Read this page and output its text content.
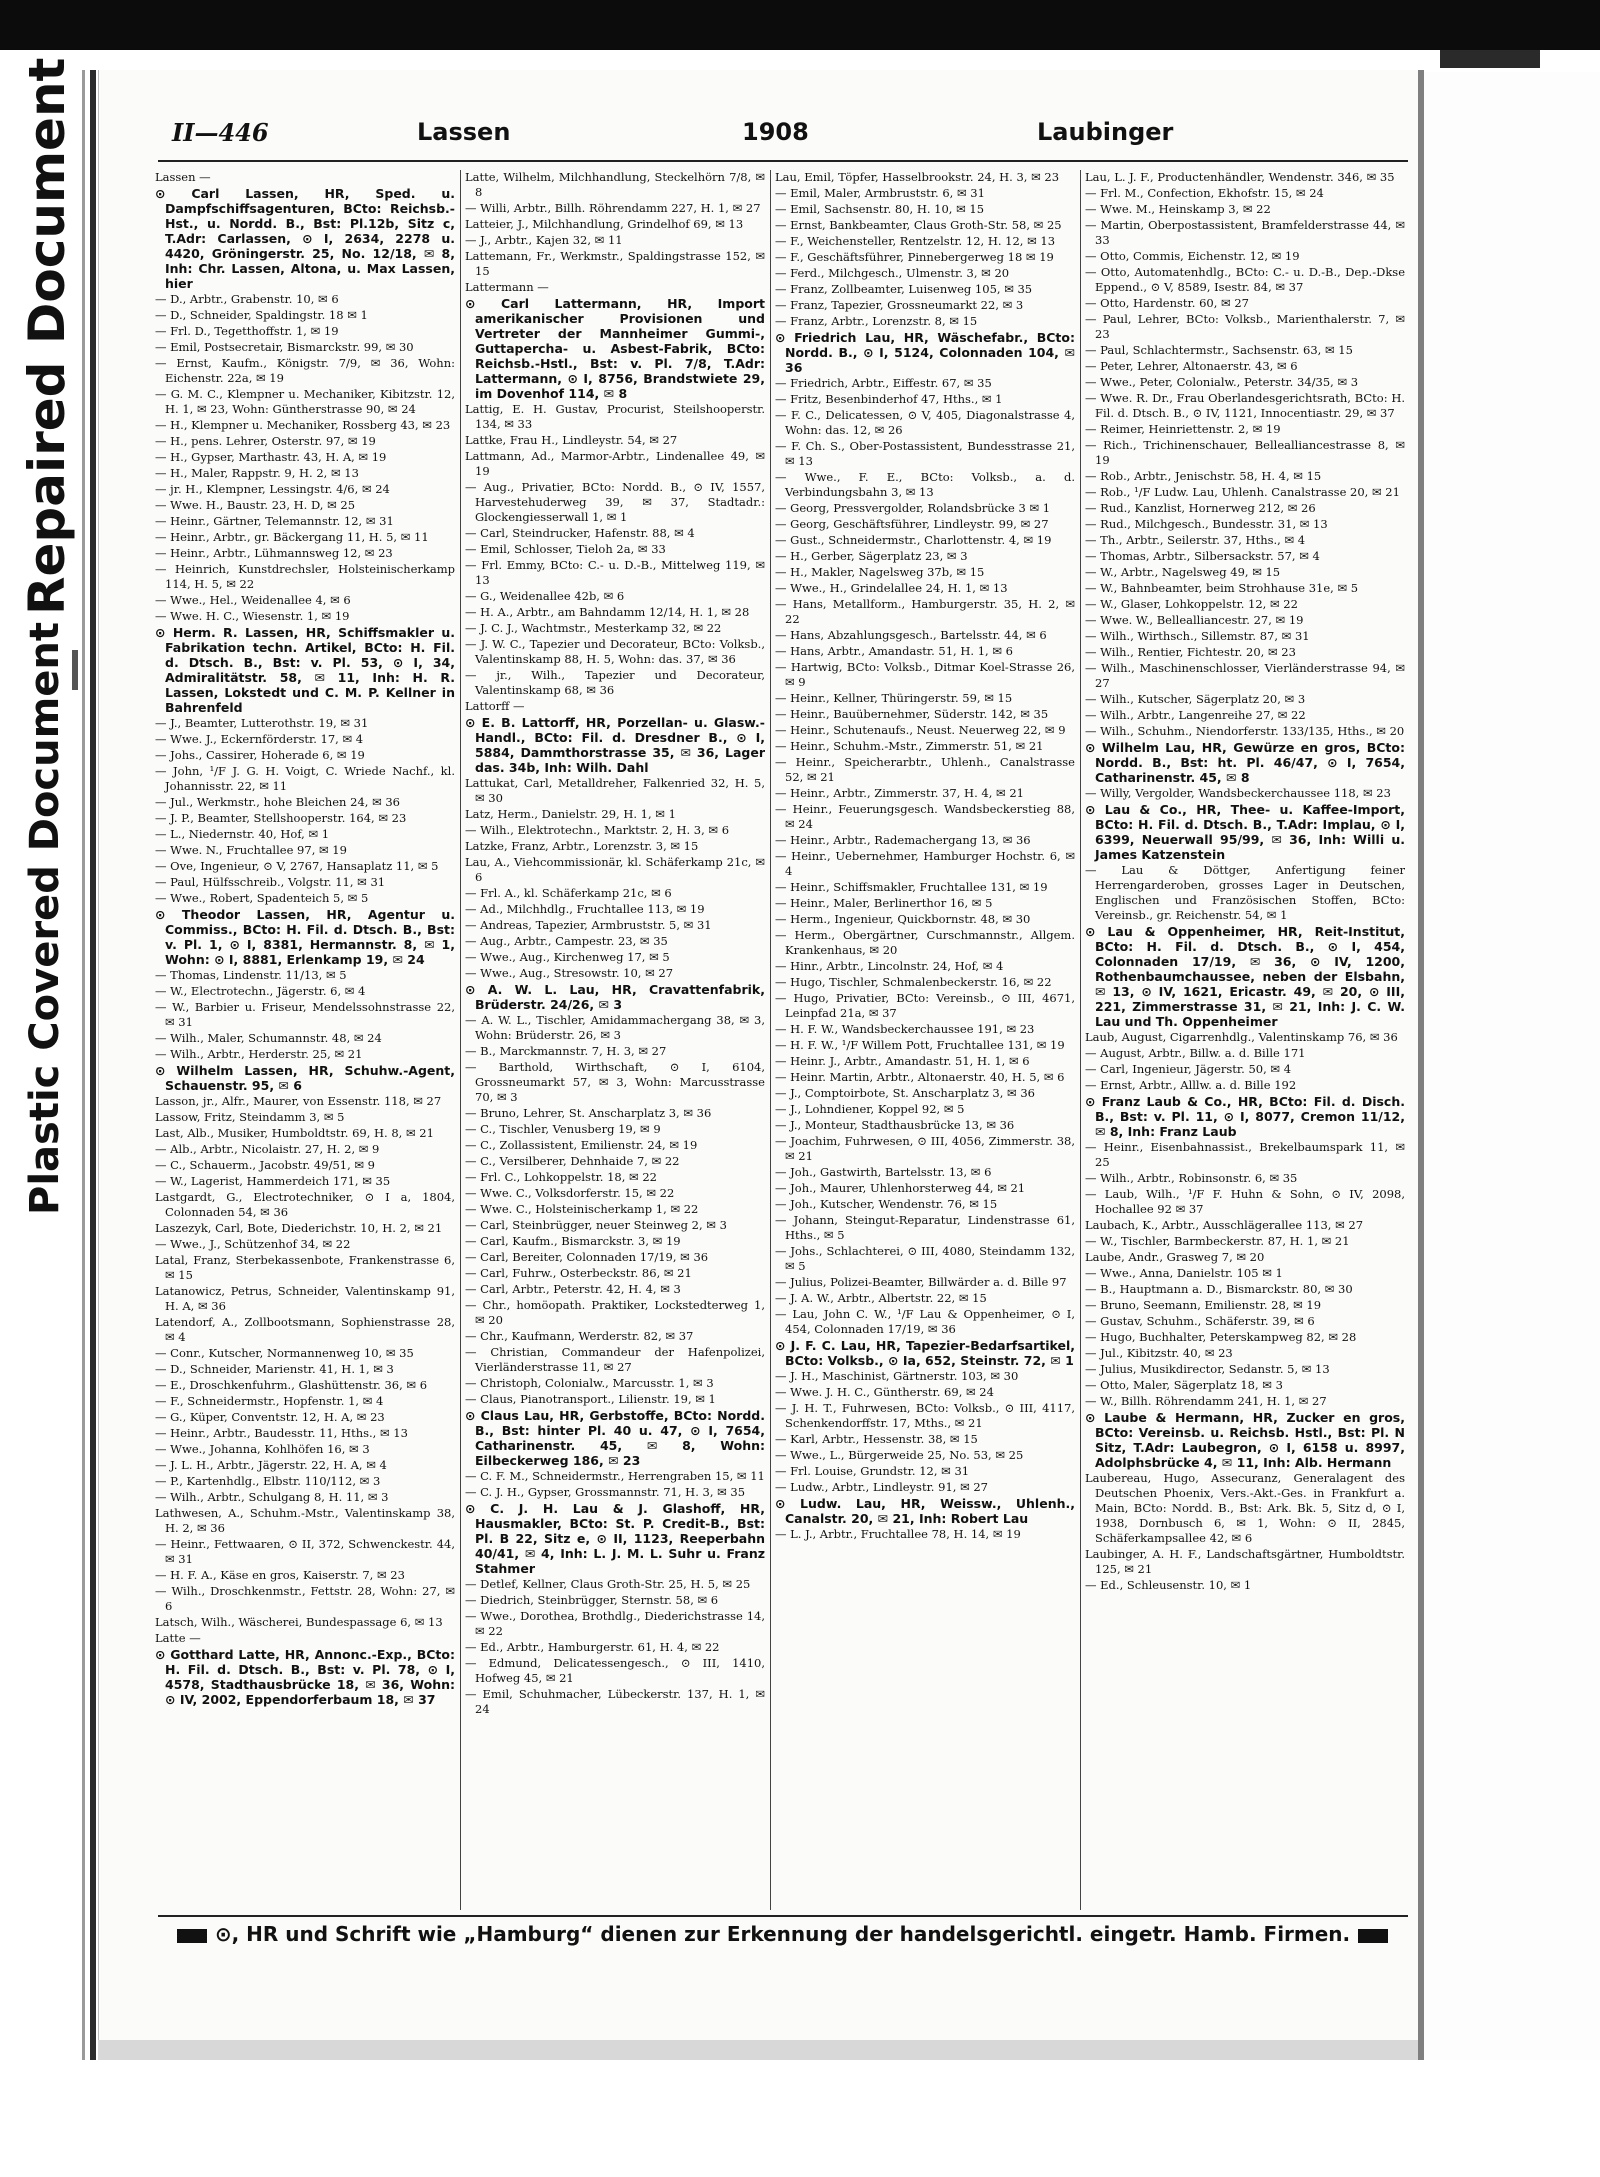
Repaired Document
Plastic Covered Document
II—446	Lassen	1908	Laubinger
Lassen —
⊙ Carl Lassen, HR, Sped. u. Dampfschiffsagenturen, BCto: Reichsb.-Hst., u. Nordd. B., Bst: Pl.12b, Sitz c, T.Adr: Carlassen, ⊙ I, 2634, 2278 u. 4420, Gröningerstr. 25, No. 12/18, ✉ 8, Inh: Chr. Lassen, Altona, u. Max Lassen, hier
— D., Arbtr., Grabenstr. 10, ✉ 6
— D., Schneider, Spaldingstr. 18 ✉ 1
— Frl. D., Tegetthoffstr. 1, ✉ 19
— Emil, Postsecretair, Bismarckstr. 99, ✉ 30
— Ernst, Kaufm., Königstr. 7/9, ✉ 36, Wohn: Eichenstr. 22a, ✉ 19
— G. M. C., Klempner u. Mechaniker, Kibitzstr. 12, H. 1, ✉ 23, Wohn: Güntherstrasse 90, ✉ 24
— H., Klempner u. Mechaniker, Rossberg 43, ✉ 23
— H., pens. Lehrer, Osterstr. 97, ✉ 19
— H., Gypser, Marthastr. 43, H. A, ✉ 19
— H., Maler, Rappstr. 9, H. 2, ✉ 13
— jr. H., Klempner, Lessingstr. 4/6, ✉ 24
— Wwe. H., Baustr. 23, H. D, ✉ 25
— Heinr., Gärtner, Telemannstr. 12, ✉ 31
— Heinr., Arbtr., gr. Bäckergang 11, H. 5, ✉ 11
— Heinr., Arbtr., Lühmannsweg 12, ✉ 23
— Heinrich, Kunstdrechsler, Holsteinischerkamp 114, H. 5, ✉ 22
— Wwe., Hel., Weidenallee 4, ✉ 6
— Wwe. H. C., Wiesenstr. 1, ✉ 19
⊙ Herm. R. Lassen, HR, Schiffsmakler u. Fabrikation techn. Artikel, BCto: H. Fil. d. Dtsch. B., Bst: v. Pl. 53, ⊙ I, 34, Admiralitätstr. 58, ✉ 11, Inh: H. R. Lassen, Lokstedt und C. M. P. Kellner in Bahrenfeld
— J., Beamter, Lutterothstr. 19, ✉ 31
— Wwe. J., Eckernförderstr. 17, ✉ 4
— Johs., Cassirer, Hoherade 6, ✉ 19
— John, ¹/F J. G. H. Voigt, C. Wriede Nachf., kl. Johannisstr. 22, ✉ 11
— Jul., Werkmstr., hohe Bleichen 24, ✉ 36
— J. P., Beamter, Stellshooperstr. 164, ✉ 23
— L., Niedernstr. 40, Hof, ✉ 1
— Wwe. N., Fruchtallee 97, ✉ 19
— Ove, Ingenieur, ⊙ V, 2767, Hansaplatz 11, ✉ 5
— Paul, Hülfsschreib., Volgstr. 11, ✉ 31
— Wwe., Robert, Spadenteich 5, ✉ 5
⊙ Theodor Lassen, HR, Agentur u. Commiss., BCto: H. Fil. d. Dtsch. B., Bst: v. Pl. 1, ⊙ I, 8381, Hermannstr. 8, ✉ 1, Wohn: ⊙ I, 8881, Erlenkamp 19, ✉ 24
— Thomas, Lindenstr. 11/13, ✉ 5
— W., Electrotechn., Jägerstr. 6, ✉ 4
— W., Barbier u. Friseur, Mendelssohnstrasse 22, ✉ 31
— Wilh., Maler, Schumannstr. 48, ✉ 24
— Wilh., Arbtr., Herderstr. 25, ✉ 21
⊙ Wilhelm Lassen, HR, Schuhw.-Agent, Schauenstr. 95, ✉ 6
Lasson, jr., Alfr., Maurer, von Essenstr. 118, ✉ 27
Lassow, Fritz, Steindamm 3, ✉ 5
Last, Alb., Musiker, Humboldtstr. 69, H. 8, ✉ 21
— Alb., Arbtr., Nicolaistr. 27, H. 2, ✉ 9
— C., Schauerm., Jacobstr. 49/51, ✉ 9
— W., Lagerist, Hammerdeich 171, ✉ 35
Lastgardt, G., Electrotechniker, ⊙ I a, 1804, Colonnaden 54, ✉ 36
Laszezyk, Carl, Bote, Diederichstr. 10, H. 2, ✉ 21
— Wwe., J., Schützenhof 34, ✉ 22
Latal, Franz, Sterbekassenbote, Frankenstrasse 6, ✉ 15
Latanowicz, Petrus, Schneider, Valentinskamp 91, H. A, ✉ 36
Latendorf, A., Zollbootsmann, Sophienstrasse 28, ✉ 4
— Conr., Kutscher, Normannenweg 10, ✉ 35
— D., Schneider, Marienstr. 41, H. 1, ✉ 3
— E., Droschkenfuhrm., Glashüttenstr. 36, ✉ 6
— F., Schneidermstr., Hopfenstr. 1, ✉ 4
— G., Küper, Conventstr. 12, H. A, ✉ 23
— Heinr., Arbtr., Baudesstr. 11, Hths., ✉ 13
— Wwe., Johanna, Kohlhöfen 16, ✉ 3
— J. L. H., Arbtr., Jägerstr. 22, H. A, ✉ 4
— P., Kartenhdlg., Elbstr. 110/112, ✉ 3
— Wilh., Arbtr., Schulgang 8, H. 11, ✉ 3
Lathwesen, A., Schuhm.-Mstr., Valentinskamp 38, H. 2, ✉ 36
— Heinr., Fettwaaren, ⊙ II, 372, Schwenckestr. 44, ✉ 31
— H. F. A., Käse en gros, Kaiserstr. 7, ✉ 23
— Wilh., Droschkenmstr., Fettstr. 28, Wohn: 27, ✉ 6
Latsch, Wilh., Wäscherei, Bundespassage 6, ✉ 13
Latte —
⊙ Gotthard Latte, HR, Annonc.-Exp., BCto: H. Fil. d. Dtsch. B., Bst: v. Pl. 78, ⊙ I, 4578, Stadthausbrücke 18, ✉ 36, Wohn: ⊙ IV, 2002, Eppendorferbaum 18, ✉ 37
Latte, Wilhelm, Milchhandlung, Steckelhörn 7/8, ✉ 8
— Willi, Arbtr., Billh. Röhrendamm 227, H. 1, ✉ 27
Latteier, J., Milchhandlung, Grindelhof 69, ✉ 13
— J., Arbtr., Kajen 32, ✉ 11
Lattemann, Fr., Werkmstr., Spaldingstrasse 152, ✉ 15
Lattermann —
⊙ Carl Lattermann, HR, Import amerikanischer Provisionen und Vertreter der Mannheimer Gummi-, Guttapercha- u. Asbest-Fabrik, BCto: Reichsb.-Hstl., Bst: v. Pl. 7/8, T.Adr: Lattermann, ⊙ I, 8756, Brandstwiete 29, im Dovenhof 114, ✉ 8
Lattig, E. H. Gustav, Procurist, Steilshooperstr. 134, ✉ 33
Lattke, Frau H., Lindleystr. 54, ✉ 27
Lattmann, Ad., Marmor-Arbtr., Lindenallee 49, ✉ 19
— Aug., Privatier, BCto: Nordd. B., ⊙ IV, 1557, Harvestehuderweg 39, ✉ 37, Stadtadr.: Glockengiesserwall 1, ✉ 1
— Carl, Steindrucker, Hafenstr. 88, ✉ 4
— Emil, Schlosser, Tieloh 2a, ✉ 33
— Frl. Emmy, BCto: C.- u. D.-B., Mittelweg 119, ✉ 13
— G., Weidenallee 42b, ✉ 6
— H. A., Arbtr., am Bahndamm 12/14, H. 1, ✉ 28
— J. C. J., Wachtmstr., Mesterkamp 32, ✉ 22
— J. W. C., Tapezier und Decorateur, BCto: Volksb., Valentinskamp 88, H. 5, Wohn: das. 37, ✉ 36
— jr., Wilh., Tapezier und Decorateur, Valentinskamp 68, ✉ 36
Lattorff —
⊙ E. B. Lattorff, HR, Porzellan- u. Glasw.-Handl., BCto: Fil. d. Dresdner B., ⊙ I, 5884, Dammthorstrasse 35, ✉ 36, Lager das. 34b, Inh: Wilh. Dahl
Lattukat, Carl, Metalldreher, Falkenried 32, H. 5, ✉ 30
Latz, Herm., Danielstr. 29, H. 1, ✉ 1
— Wilh., Elektrotechn., Marktstr. 2, H. 3, ✉ 6
Latzke, Franz, Arbtr., Lorenzstr. 3, ✉ 15
Lau, A., Viehcommissionär, kl. Schäferkamp 21c, ✉ 6
— Frl. A., kl. Schäferkamp 21c, ✉ 6
— Ad., Milchhdlg., Fruchtallee 113, ✉ 19
— Andreas, Tapezier, Armbruststr. 5, ✉ 31
— Aug., Arbtr., Campestr. 23, ✉ 35
— Wwe., Aug., Kirchenweg 17, ✉ 5
— Wwe., Aug., Stresowstr. 10, ✉ 27
⊙ A. W. L. Lau, HR, Cravattenfabrik, Brüderstr. 24/26, ✉ 3
— A. W. L., Tischler, Amidammachergang 38, ✉ 3, Wohn: Brüderstr. 26, ✉ 3
— B., Marckmannstr. 7, H. 3, ✉ 27
— Barthold, Wirthschaft, ⊙ I, 6104, Grossneumarkt 57, ✉ 3, Wohn: Marcusstrasse 70, ✉ 3
— Bruno, Lehrer, St. Anscharplatz 3, ✉ 36
— C., Tischler, Venusberg 19, ✉ 9
— C., Zollassistent, Emilienstr. 24, ✉ 19
— C., Versilberer, Dehnhaide 7, ✉ 22
— Frl. C., Lohkoppelstr. 18, ✉ 22
— Wwe. C., Volksdorferstr. 15, ✉ 22
— Wwe. C., Holsteinischerkamp 1, ✉ 22
— Carl, Steinbrügger, neuer Steinweg 2, ✉ 3
— Carl, Kaufm., Bismarckstr. 3, ✉ 19
— Carl, Bereiter, Colonnaden 17/19, ✉ 36
— Carl, Fuhrw., Osterbeckstr. 86, ✉ 21
— Carl, Arbtr., Peterstr. 42, H. 4, ✉ 3
— Chr., homöopath. Praktiker, Lockstedterweg 1, ✉ 20
— Chr., Kaufmann, Werderstr. 82, ✉ 37
— Christian, Commandeur der Hafenpolizei, Vierländerstrasse 11, ✉ 27
— Christoph, Colonialw., Marcusstr. 1, ✉ 3
— Claus, Pianotransport., Lilienstr. 19, ✉ 1
⊙ Claus Lau, HR, Gerbstoffe, BCto: Nordd. B., Bst: hinter Pl. 40 u. 47, ⊙ I, 7654, Catharinenstr. 45, ✉ 8, Wohn: Eilbeckerweg 186, ✉ 23
— C. F. M., Schneidermstr., Herrengraben 15, ✉ 11
— C. J. H., Gypser, Grossmannstr. 71, H. 3, ✉ 35
⊙ C. J. H. Lau & J. Glashoff, HR, Hausmakler, BCto: St. P. Credit-B., Bst: Pl. B 22, Sitz e, ⊙ II, 1123, Reeperbahn 40/41, ✉ 4, Inh: L. J. M. L. Suhr u. Franz Stahmer
— Detlef, Kellner, Claus Groth-Str. 25, H. 5, ✉ 25
— Diedrich, Steinbrügger, Sternstr. 58, ✉ 6
— Wwe., Dorothea, Brothdlg., Diederichstrasse 14, ✉ 22
— Ed., Arbtr., Hamburgerstr. 61, H. 4, ✉ 22
— Edmund, Delicatessengesch., ⊙ III, 1410, Hofweg 45, ✉ 21
— Emil, Schuhmacher, Lübeckerstr. 137, H. 1, ✉ 24
Lau, Emil, Töpfer, Hasselbrookstr. 24, H. 3, ✉ 23
— Emil, Maler, Armbruststr. 6, ✉ 31
— Emil, Sachsenstr. 80, H. 10, ✉ 15
— Ernst, Bankbeamter, Claus Groth-Str. 58, ✉ 25
— F., Weichensteller, Rentzelstr. 12, H. 12, ✉ 13
— F., Geschäftsführer, Pinnebergerweg 18 ✉ 19
— Ferd., Milchgesch., Ulmenstr. 3, ✉ 20
— Franz, Zollbeamter, Luisenweg 105, ✉ 35
— Franz, Tapezier, Grossneumarkt 22, ✉ 3
— Franz, Arbtr., Lorenzstr. 8, ✉ 15
⊙ Friedrich Lau, HR, Wäschefabr., BCto: Nordd. B., ⊙ I, 5124, Colonnaden 104, ✉ 36
— Friedrich, Arbtr., Eiffestr. 67, ✉ 35
— Fritz, Besenbinderhof 47, Hths., ✉ 1
— F. C., Delicatessen, ⊙ V, 405, Diagonalstrasse 4, Wohn: das. 12, ✉ 26
— F. Ch. S., Ober-Postassistent, Bundesstrasse 21, ✉ 13
— Wwe., F. E., BCto: Volksb., a. d. Verbindungsbahn 3, ✉ 13
— Georg, Pressvergolder, Rolandsbrücke 3 ✉ 1
— Georg, Geschäftsführer, Lindleystr. 99, ✉ 27
— Gust., Schneidermstr., Charlottenstr. 4, ✉ 19
— H., Gerber, Sägerplatz 23, ✉ 3
— H., Makler, Nagelsweg 37b, ✉ 15
— Wwe., H., Grindelallee 24, H. 1, ✉ 13
— Hans, Metallform., Hamburgerstr. 35, H. 2, ✉ 22
— Hans, Abzahlungsgesch., Bartelsstr. 44, ✉ 6
— Hans, Arbtr., Amandastr. 51, H. 1, ✉ 6
— Hartwig, BCto: Volksb., Ditmar Koel-Strasse 26, ✉ 9
— Heinr., Kellner, Thüringerstr. 59, ✉ 15
— Heinr., Bauübernehmer, Süderstr. 142, ✉ 35
— Heinr., Schutenaufs., Neust. Neuerweg 22, ✉ 9
— Heinr., Schuhm.-Mstr., Zimmerstr. 51, ✉ 21
— Heinr., Speicherarbtr., Uhlenh., Canalstrasse 52, ✉ 21
— Heinr., Arbtr., Zimmerstr. 37, H. 4, ✉ 21
— Heinr., Feuerungsgesch. Wandsbeckerstieg 88, ✉ 24
— Heinr., Arbtr., Rademachergang 13, ✉ 36
— Heinr., Uebernehmer, Hamburger Hochstr. 6, ✉ 4
— Heinr., Schiffsmakler, Fruchtallee 131, ✉ 19
— Heinr., Maler, Berlinerthor 16, ✉ 5
— Herm., Ingenieur, Quickbornstr. 48, ✉ 30
— Herm., Obergärtner, Curschmannstr., Allgem. Krankenhaus, ✉ 20
— Hinr., Arbtr., Lincolnstr. 24, Hof, ✉ 4
— Hugo, Tischler, Schmalenbeckerstr. 16, ✉ 22
— Hugo, Privatier, BCto: Vereinsb., ⊙ III, 4671, Leinpfad 21a, ✉ 37
— H. F. W., Wandsbeckerchaussee 191, ✉ 23
— H. F. W., ¹/F Willem Pott, Fruchtallee 131, ✉ 19
— Heinr. J., Arbtr., Amandastr. 51, H. 1, ✉ 6
— Heinr. Martin, Arbtr., Altonaerstr. 40, H. 5, ✉ 6
— J., Comptoirbote, St. Anscharplatz 3, ✉ 36
— J., Lohndiener, Koppel 92, ✉ 5
— J., Monteur, Stadthausbrücke 13, ✉ 36
— Joachim, Fuhrwesen, ⊙ III, 4056, Zimmerstr. 38, ✉ 21
— Joh., Gastwirth, Bartelsstr. 13, ✉ 6
— Joh., Maurer, Uhlenhorsterweg 44, ✉ 21
— Joh., Kutscher, Wendenstr. 76, ✉ 15
— Johann, Steingut-Reparatur, Lindenstrasse 61, Hths., ✉ 5
— Johs., Schlachterei, ⊙ III, 4080, Steindamm 132, ✉ 5
— Julius, Polizei-Beamter, Billwärder a. d. Bille 97
— J. A. W., Arbtr., Albertstr. 22, ✉ 15
— Lau, John C. W., ¹/F Lau & Oppenheimer, ⊙ I, 454, Colonnaden 17/19, ✉ 36
⊙ J. F. C. Lau, HR, Tapezier-Bedarfsartikel, BCto: Volksb., ⊙ Ia, 652, Steinstr. 72, ✉ 1
— J. H., Maschinist, Gärtnerstr. 103, ✉ 30
— Wwe. J. H. C., Güntherstr. 69, ✉ 24
— J. H. T., Fuhrwesen, BCto: Volksb., ⊙ III, 4117, Schenkendorffstr. 17, Mths., ✉ 21
— Karl, Arbtr., Hessenstr. 38, ✉ 15
— Wwe., L., Bürgerweide 25, No. 53, ✉ 25
— Frl. Louise, Grundstr. 12, ✉ 31
— Ludw., Arbtr., Lindleystr. 91, ✉ 27
⊙ Ludw. Lau, HR, Weissw., Uhlenh., Canalstr. 20, ✉ 21, Inh: Robert Lau
— L. J., Arbtr., Fruchtallee 78, H. 14, ✉ 19
Lau, L. J. F., Productenhändler, Wendenstr. 346, ✉ 35
— Frl. M., Confection, Ekhofstr. 15, ✉ 24
— Wwe. M., Heinskamp 3, ✉ 22
— Martin, Oberpostassistent, Bramfelderstrasse 44, ✉ 33
— Otto, Commis, Eichenstr. 12, ✉ 19
— Otto, Automatenhdlg., BCto: C.- u. D.-B., Dep.-Dkse Eppend., ⊙ V, 8589, Isestr. 84, ✉ 37
— Otto, Hardenstr. 60, ✉ 27
— Paul, Lehrer, BCto: Volksb., Marienthalerstr. 7, ✉ 23
— Paul, Schlachtermstr., Sachsenstr. 63, ✉ 15
— Peter, Lehrer, Altonaerstr. 43, ✉ 6
— Wwe., Peter, Colonialw., Peterstr. 34/35, ✉ 3
— Wwe. R. Dr., Frau Oberlandesgerichtsrath, BCto: H. Fil. d. Dtsch. B., ⊙ IV, 1121, Innocentiastr. 29, ✉ 37
— Reimer, Heinriettenstr. 2, ✉ 19
— Rich., Trichinenschauer, Bellealliancestrasse 8, ✉ 19
— Rob., Arbtr., Jenischstr. 58, H. 4, ✉ 15
— Rob., ¹/F Ludw. Lau, Uhlenh. Canalstrasse 20, ✉ 21
— Rud., Kanzlist, Hornerweg 212, ✉ 26
— Rud., Milchgesch., Bundesstr. 31, ✉ 13
— Th., Arbtr., Seilerstr. 37, Hths., ✉ 4
— Thomas, Arbtr., Silbersackstr. 57, ✉ 4
— W., Arbtr., Nagelsweg 49, ✉ 15
— W., Bahnbeamter, beim Strohhause 31e, ✉ 5
— W., Glaser, Lohkoppelstr. 12, ✉ 22
— Wwe. W., Bellealliancestr. 27, ✉ 19
— Wilh., Wirthsch., Sillemstr. 87, ✉ 31
— Wilh., Rentier, Fichtestr. 20, ✉ 23
— Wilh., Maschinenschlosser, Vierländerstrasse 94, ✉ 27
— Wilh., Kutscher, Sägerplatz 20, ✉ 3
— Wilh., Arbtr., Langenreihe 27, ✉ 22
— Wilh., Schuhm., Niendorferstr. 133/135, Hths., ✉ 20
⊙ Wilhelm Lau, HR, Gewürze en gros, BCto: Nordd. B., Bst: ht. Pl. 46/47, ⊙ I, 7654, Catharinenstr. 45, ✉ 8
— Willy, Vergolder, Wandsbeckerchaussee 118, ✉ 23
⊙ Lau & Co., HR, Thee- u. Kaffee-Import, BCto: H. Fil. d. Dtsch. B., T.Adr: Implau, ⊙ I, 6399, Neuerwall 95/99, ✉ 36, Inh: Willi u. James Katzenstein
— Lau & Döttger, Anfertigung feiner Herrengarderoben, grosses Lager in Deutschen, Englischen und Französischen Stoffen, BCto: Vereinsb., gr. Reichenstr. 54, ✉ 1
⊙ Lau & Oppenheimer, HR, Reit-Institut, BCto: H. Fil. d. Dtsch. B., ⊙ I, 454, Colonnaden 17/19, ✉ 36, ⊙ IV, 1200, Rothenbaumchaussee, neben der Elsbahn, ✉ 13, ⊙ IV, 1621, Ericastr. 49, ✉ 20, ⊙ III, 221, Zimmerstrasse 31, ✉ 21, Inh: J. C. W. Lau und Th. Oppenheimer
Laub, August, Cigarrenhdlg., Valentinskamp 76, ✉ 36
— August, Arbtr., Billw. a. d. Bille 171
— Carl, Ingenieur, Jägerstr. 50, ✉ 4
— Ernst, Arbtr., Alllw. a. d. Bille 192
⊙ Franz Laub & Co., HR, BCto: Fil. d. Disch. B., Bst: v. Pl. 11, ⊙ I, 8077, Cremon 11/12, ✉ 8, Inh: Franz Laub
— Heinr., Eisenbahnassist., Brekelbaumspark 11, ✉ 25
— Wilh., Arbtr., Robinsonstr. 6, ✉ 35
— Laub, Wilh., ¹/F F. Huhn & Sohn, ⊙ IV, 2098, Hochallee 92 ✉ 37
Laubach, K., Arbtr., Ausschlägerallee 113, ✉ 27
— W., Tischler, Barmbeckerstr. 87, H. 1, ✉ 21
Laube, Andr., Grasweg 7, ✉ 20
— Wwe., Anna, Danielstr. 105 ✉ 1
— B., Hauptmann a. D., Bismarckstr. 80, ✉ 30
— Bruno, Seemann, Emilienstr. 28, ✉ 19
— Gustav, Schuhm., Schäferstr. 39, ✉ 6
— Hugo, Buchhalter, Peterskampweg 82, ✉ 28
— Jul., Kibitzstr. 40, ✉ 23
— Julius, Musikdirector, Sedanstr. 5, ✉ 13
— Otto, Maler, Sägerplatz 18, ✉ 3
— W., Billh. Röhrendamm 241, H. 1, ✉ 27
⊙ Laube & Hermann, HR, Zucker en gros, BCto: Vereinsb. u. Reichsb. Hstl., Bst: Pl. N Sitz, T.Adr: Laubegron, ⊙ I, 6158 u. 8997, Adolphsbrücke 4, ✉ 11, Inh: Alb. Hermann
Laubereau, Hugo, Assecuranz, Generalagent des Deutschen Phoenix, Vers.-Akt.-Ges. in Frankfurt a. Main, BCto: Nordd. B., Bst: Ark. Bk. 5, Sitz d, ⊙ I, 1938, Dornbusch 6, ✉ 1, Wohn: ⊙ II, 2845, Schäferkampsallee 42, ✉ 6
Laubinger, A. H. F., Landschaftsgärtner, Humboldtstr. 125, ✉ 21
— Ed., Schleusenstr. 10, ✉ 1
⊙, HR und Schrift wie „Hamburg“ dienen zur Erkennung der handelsgerichtl. eingetr. Hamb. Firmen.
